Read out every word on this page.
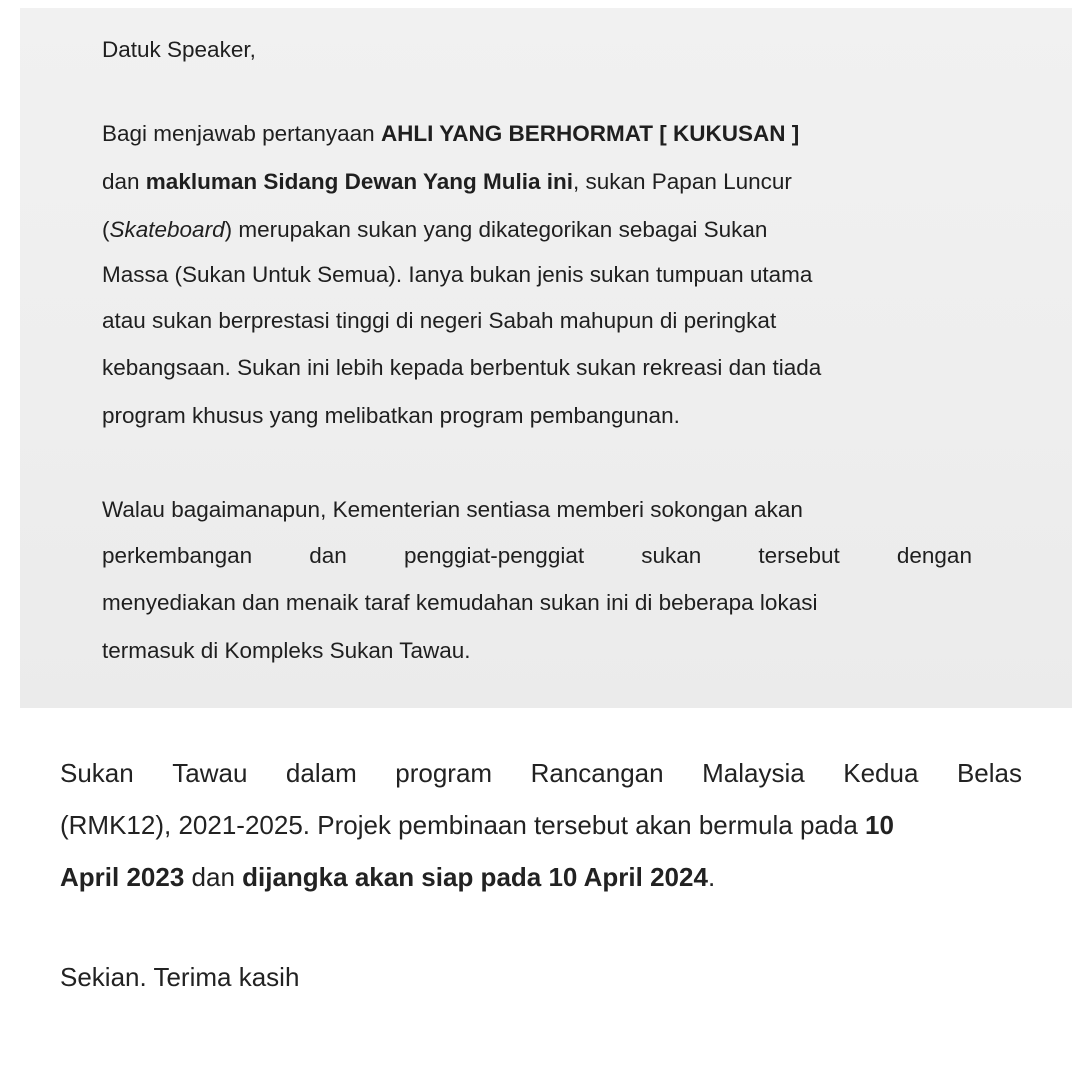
Datuk Speaker,

Bagi menjawab pertanyaan AHLI YANG BERHORMAT [ KUKUSAN ]

dan makluman Sidang Dewan Yang Mulia ini, sukan Papan Luncur

(Skateboard) merupakan sukan yang dikategorikan sebagai Sukan

Massa (Sukan Untuk Semua). Ianya bukan jenis sukan tumpuan utama

atau sukan berprestasi tinggi di negeri Sabah mahupun di peringkat

kebangsaan. Sukan ini lebih kepada berbentuk sukan rekreasi dan tiada

program khusus yang melibatkan program pembangunan.

Walau bagaimanapun, Kementerian sentiasa memberi sokongan akan

perkembangan	dan	penggiat-penggiat	sukan	tersebut	dengan

menyediakan dan menaik taraf kemudahan sukan ini di beberapa lokasi

termasuk di Kompleks Sukan Tawau.

Sukan Tawau dalam program Rancangan Malaysia Kedua Belas

(RMK12), 2021-2025. Projek pembinaan tersebut akan bermula pada 10

April 2023 dan dijangka akan siap pada 10 April 2024.

Sekian. Terima kasih
